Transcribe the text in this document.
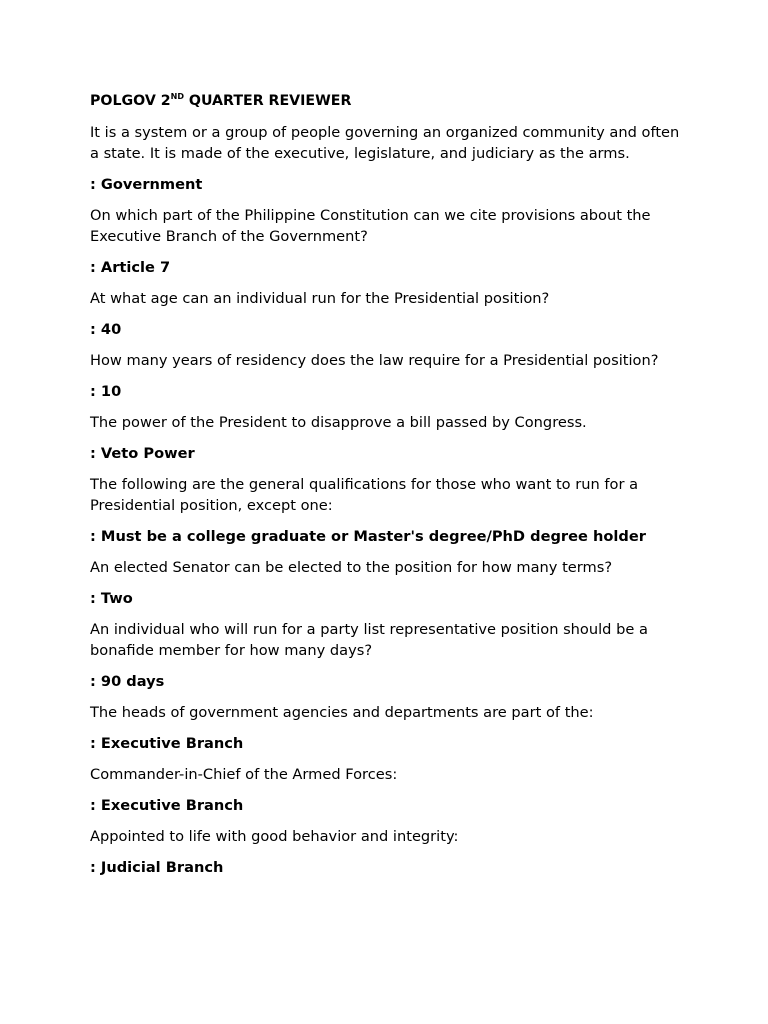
POLGOV 2ND QUARTER REVIEWER

It is a system or a group of people governing an organized community and often a state. It is made of the executive, legislature, and judiciary as the arms.

: Government

On which part of the Philippine Constitution can we cite provisions about the Executive Branch of the Government?

: Article 7

At what age can an individual run for the Presidential position?

: 40

How many years of residency does the law require for a Presidential position?

: 10

The power of the President to disapprove a bill passed by Congress.

: Veto Power

The following are the general qualifications for those who want to run for a Presidential position, except one:

: Must be a college graduate or Master's degree/PhD degree holder

An elected Senator can be elected to the position for how many terms?

: Two

An individual who will run for a party list representative position should be a bonafide member for how many days?

: 90 days

The heads of government agencies and departments are part of the:

: Executive Branch

Commander-in-Chief of the Armed Forces:

: Executive Branch

Appointed to life with good behavior and integrity:

: Judicial Branch
